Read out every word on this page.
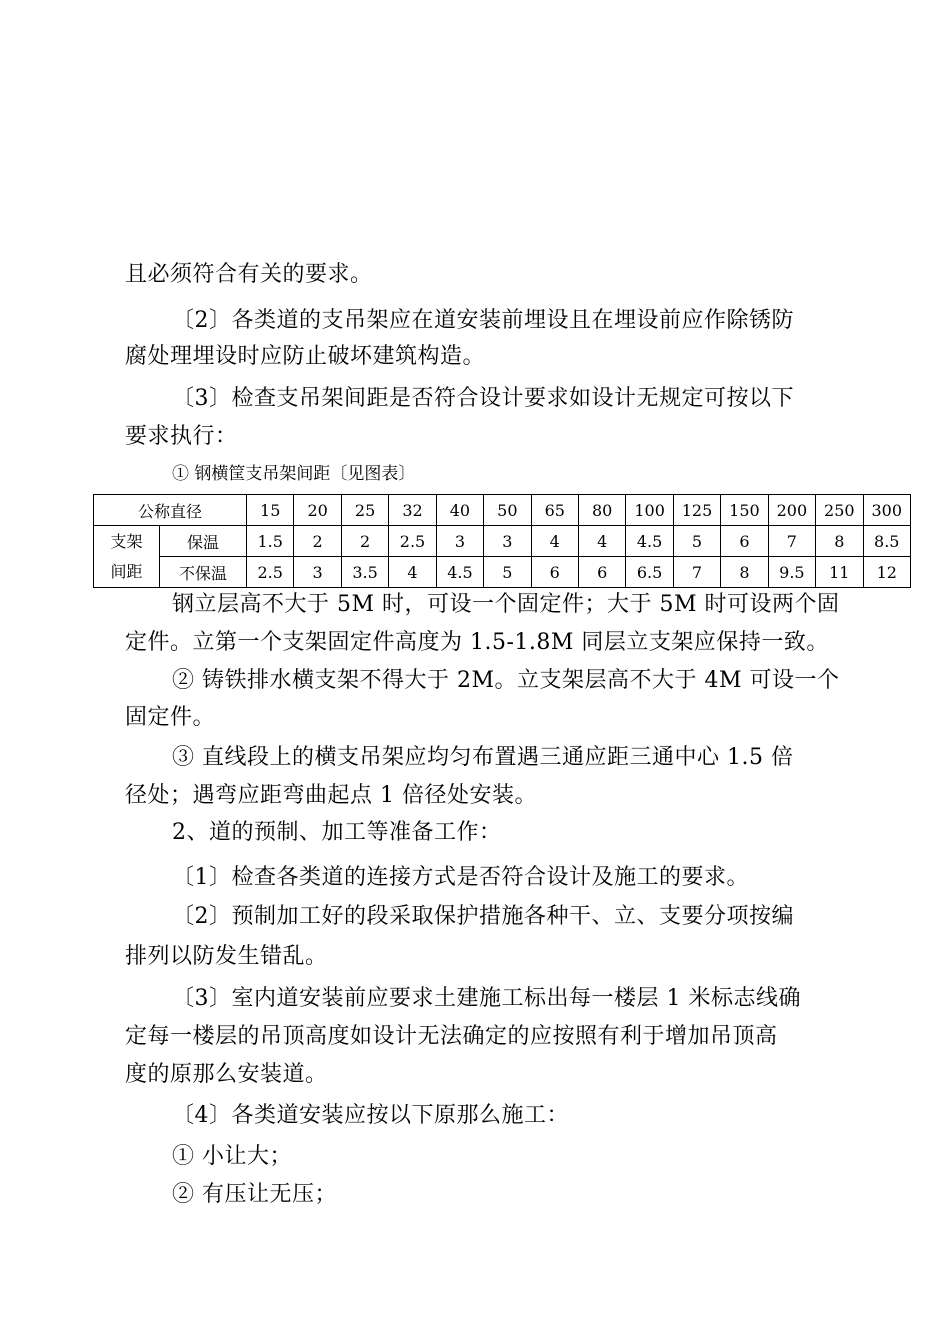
且必须符合有关的要求。
〔2〕各类道的支吊架应在道安装前埋设且在埋设前应作除锈防
腐处理埋设时应防止破坏建筑构造。
〔3〕检查支吊架间距是否符合设计要求如设计无规定可按以下
要求执行：
① 钢横筐支吊架间距〔见图表〕
公称直径		15	20	25	32	40	50	65	80	100	125	150	200	250	300

支架
间距	保温	1.5	2	2	2.5	3	3	4	4	4.5	5	6	7	8	8.5
	不保温	2.5	3	3.5	4	4.5	5	6	6	6.5	7	8	9.5	11	12
钢立层高不大于 5M 时，可设一个固定件；大于 5M 时可设两个固
定件。立第一个支架固定件高度为 1.5-1.8M 同层立支架应保持一致。
② 铸铁排水横支架不得大于 2M。立支架层高不大于 4M 可设一个
固定件。
③ 直线段上的横支吊架应均匀布置遇三通应距三通中心 1.5 倍
径处；遇弯应距弯曲起点 1 倍径处安装。
2、道的预制、加工等准备工作：
〔1〕检查各类道的连接方式是否符合设计及施工的要求。
〔2〕预制加工好的段采取保护措施各种干、立、支要分项按编
排列以防发生错乱。
〔3〕室内道安装前应要求土建施工标出每一楼层 1 米标志线确
定每一楼层的吊顶高度如设计无法确定的应按照有利于增加吊顶高
度的原那么安装道。
〔4〕各类道安装应按以下原那么施工：
① 小让大；
② 有压让无压；
